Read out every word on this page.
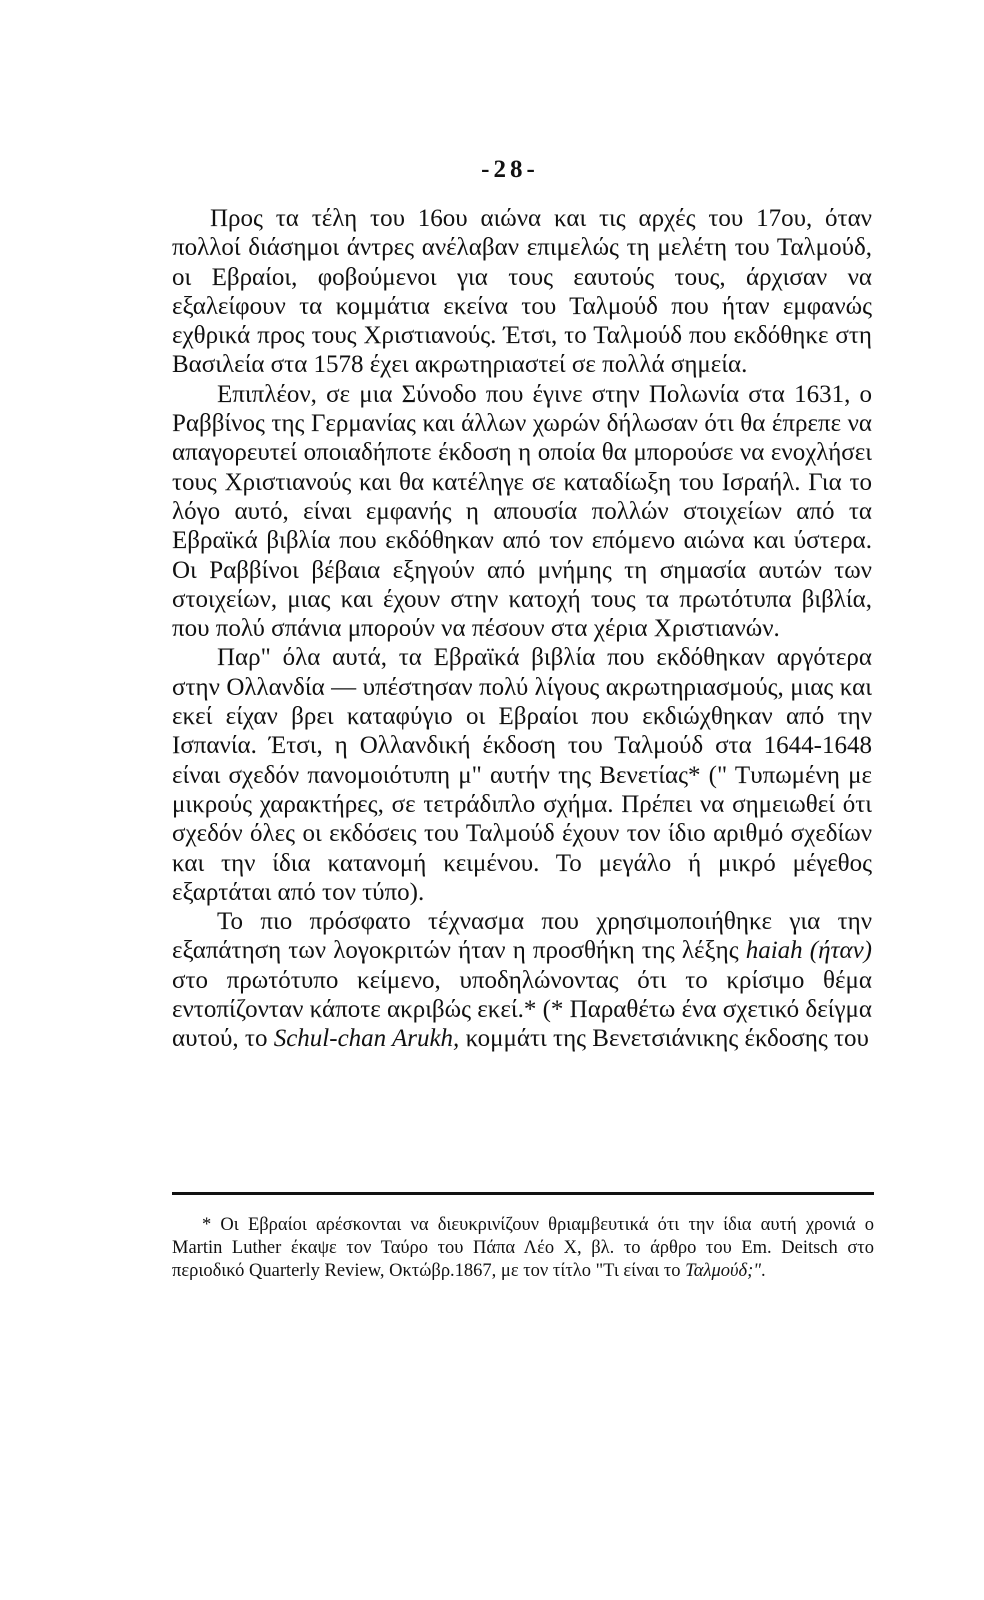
-28-

Προς τα τέλη του 16ου αιώνα και τις αρχές του 17ου, όταν πολλοί διάσημοι άντρες ανέλαβαν επιμελώς τη μελέτη του Ταλμούδ, οι Εβραίοι, φοβούμενοι για τους εαυτούς τους, άρχισαν να εξαλείφουν τα κομμάτια εκείνα του Ταλμούδ που ήταν εμφανώς εχθρικά προς τους Χριστιανούς. Έτσι, το Ταλμούδ που εκδόθηκε στη Βασιλεία στα 1578 έχει ακρωτηριαστεί σε πολλά σημεία.

Επιπλέον, σε μια Σύνοδο που έγινε στην Πολωνία στα 1631, ο Ραββίνος της Γερμανίας και άλλων χωρών δήλωσαν ότι θα έπρεπε να απαγορευτεί οποιαδήποτε έκδοση η οποία θα μπορούσε να ενοχλήσει τους Χριστιανούς και θα κατέληγε σε καταδίωξη του Ισραήλ. Για το λόγο αυτό, είναι εμφανής η απουσία πολλών στοιχείων από τα Εβραϊκά βιβλία που εκδόθηκαν από τον επόμενο αιώνα και ύστερα. Οι Ραββίνοι βέβαια εξηγούν από μνήμης τη σημασία αυτών των στοιχείων, μιας και έχουν στην κατοχή τους τα πρωτότυπα βιβλία, που πολύ σπάνια μπορούν να πέσουν στα χέρια Χριστιανών.

Παρ" όλα αυτά, τα Εβραϊκά βιβλία που εκδόθηκαν αργότερα στην Ολλανδία — υπέστησαν πολύ λίγους ακρωτηριασμούς, μιας και εκεί είχαν βρει καταφύγιο οι Εβραίοι που εκδιώχθηκαν από την Ισπανία. Έτσι, η Ολλανδική έκδοση του Ταλμούδ στα 1644-1648 είναι σχεδόν πανομοιότυπη μ" αυτήν της Βενετίας* (" Τυπωμένη με μικρούς χαρακτήρες, σε τετράδιπλο σχήμα. Πρέπει να σημειωθεί ότι σχεδόν όλες οι εκδόσεις του Ταλμούδ έχουν τον ίδιο αριθμό σχεδίων και την ίδια κατανομή κειμένου. Το μεγάλο ή μικρό μέγεθος εξαρτάται από τον τύπο).

Το πιο πρόσφατο τέχνασμα που χρησιμοποιήθηκε για την εξαπάτηση των λογοκριτών ήταν η προσθήκη της λέξης haiah (ήταν) στο πρωτότυπο κείμενο, υποδηλώνοντας ότι το κρίσιμο θέμα εντοπίζονταν κάποτε ακριβώς εκεί.* (* Παραθέτω ένα σχετικό δείγμα αυτού, το Schul-chan Arukh, κομμάτι της Βενετσιάνικης έκδοσης του

* Οι Εβραίοι αρέσκονται να διευκρινίζουν θριαμβευτικά ότι την ίδια αυτή χρονιά ο Martin Luther έκαψε τον Ταύρο του Πάπα Λέο Χ, βλ. το άρθρο του Em. Deitsch στο περιοδικό Quarterly Review, Οκτώβρ.1867, με τον τίτλο "Τι είναι το Ταλμούδ;".
